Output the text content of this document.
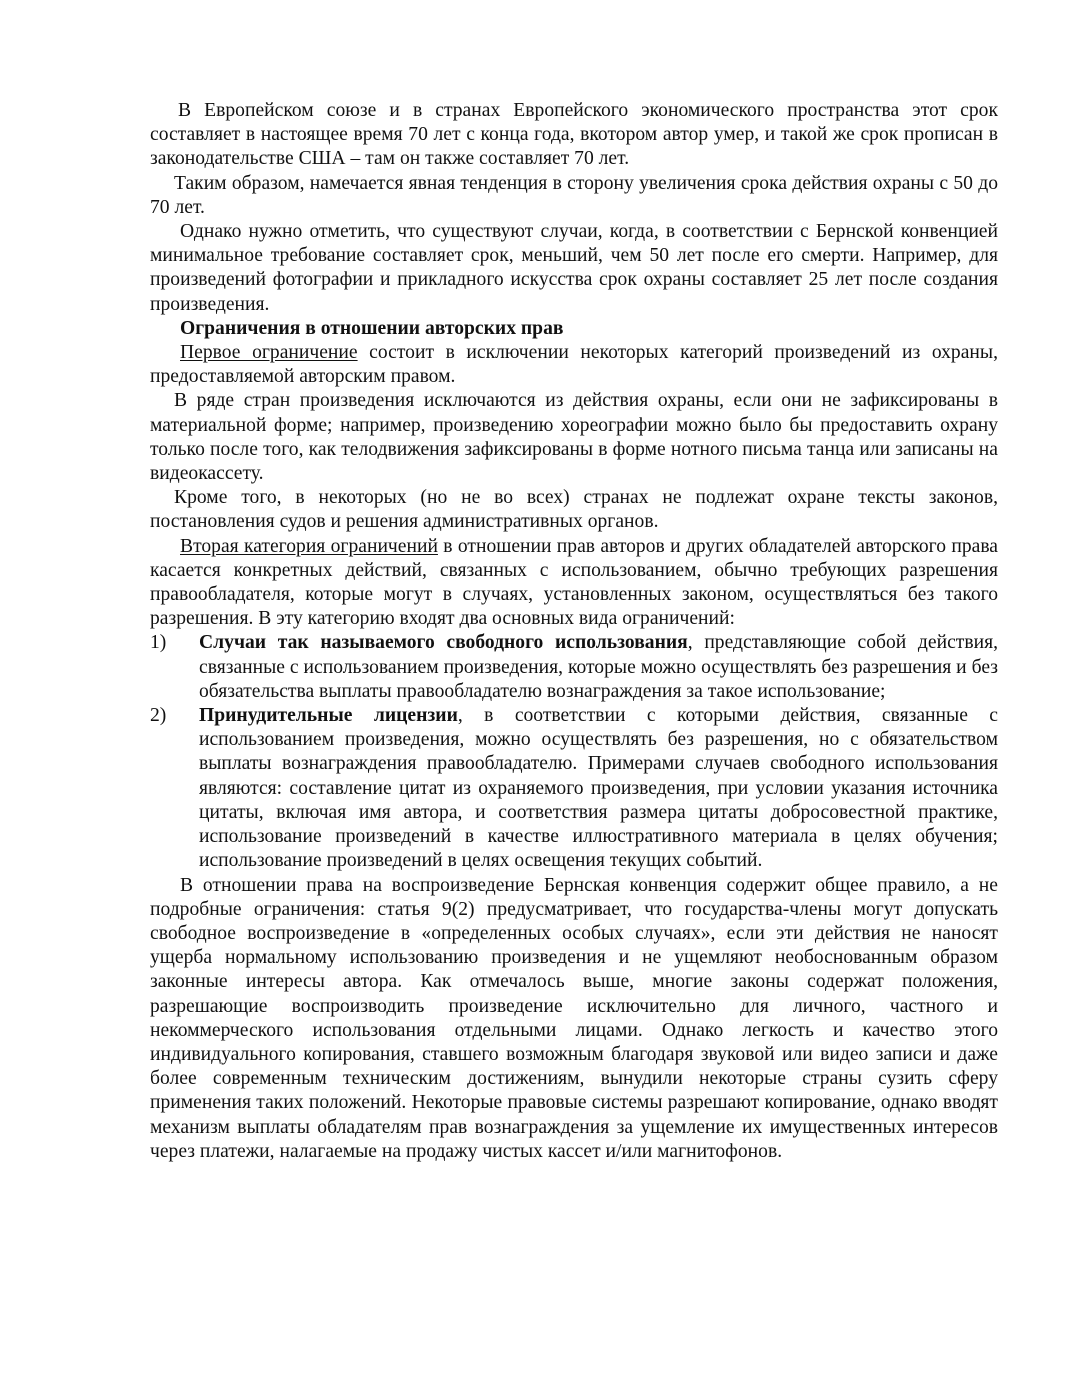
В Европейском союзе и в странах Европейского экономического пространства этот срок составляет в настоящее время 70 лет с конца года, вкотором автор умер, и такой же срок прописан в законодательстве США – там он также составляет 70 лет.

Таким образом, намечается явная тенденция в сторону увеличения срока действия охраны с 50 до 70 лет.

Однако нужно отметить, что существуют случаи, когда, в соответствии с Бернской конвенцией минимальное требование составляет срок, меньший, чем 50 лет после его смерти. Например, для произведений фотографии и прикладного искусства срок охраны составляет 25 лет после создания произведения.

Ограничения в отношении авторских прав

Первое ограничение состоит в исключении некоторых категорий произведений из охраны, предоставляемой авторским правом.

В ряде стран произведения исключаются из действия охраны, если они не зафиксированы в материальной форме; например, произведению хореографии можно было бы предоставить охрану только после того, как телодвижения зафиксированы в форме нотного письма танца или записаны на видеокассету.

Кроме того, в некоторых (но не во всех) странах не подлежат охране тексты законов, постановления судов и решения административных органов.

Вторая категория ограничений в отношении прав авторов и других обладателей авторского права касается конкретных действий, связанных с использованием, обычно требующих разрешения правообладателя, которые могут в случаях, установленных законом, осуществляться без такого разрешения. В эту категорию входят два основных вида ограничений:

1)	Случаи так называемого свободного использования, представляющие собой действия, связанные с использованием произведения, которые можно осуществлять без разрешения и без обязательства выплаты правообладателю вознаграждения за такое использование;
2)	Принудительные лицензии, в соответствии с которыми действия, связанные с использованием произведения, можно осуществлять без разрешения, но с обязательством выплаты вознаграждения правообладателю. Примерами случаев свободного использования являются: составление цитат из охраняемого произведения, при условии указания источника цитаты, включая имя автора, и соответствия размера цитаты добросовестной практике, использование произведений в качестве иллюстративного материала в целях обучения; использование произведений в целях освещения текущих событий.

В отношении права на воспроизведение Бернская конвенция содержит общее правило, а не подробные ограничения: статья 9(2) предусматривает, что государства-члены могут допускать свободное воспроизведение в «определенных особых случаях», если эти действия не наносят ущерба нормальному использованию произведения и не ущемляют необоснованным образом законные интересы автора. Как отмечалось выше, многие законы содержат положения, разрешающие воспроизводить произведение исключительно для личного, частного и некоммерческого использования отдельными лицами. Однако легкость и качество этого индивидуального копирования, ставшего возможным благодаря звуковой или видео записи и даже более современным техническим достижениям, вынудили некоторые страны сузить сферу применения таких положений. Некоторые правовые системы разрешают копирование, однако вводят механизм выплаты обладателям прав вознаграждения за ущемление их имущественных интересов через платежи, налагаемые на продажу чистых кассет и/или магнитофонов.
